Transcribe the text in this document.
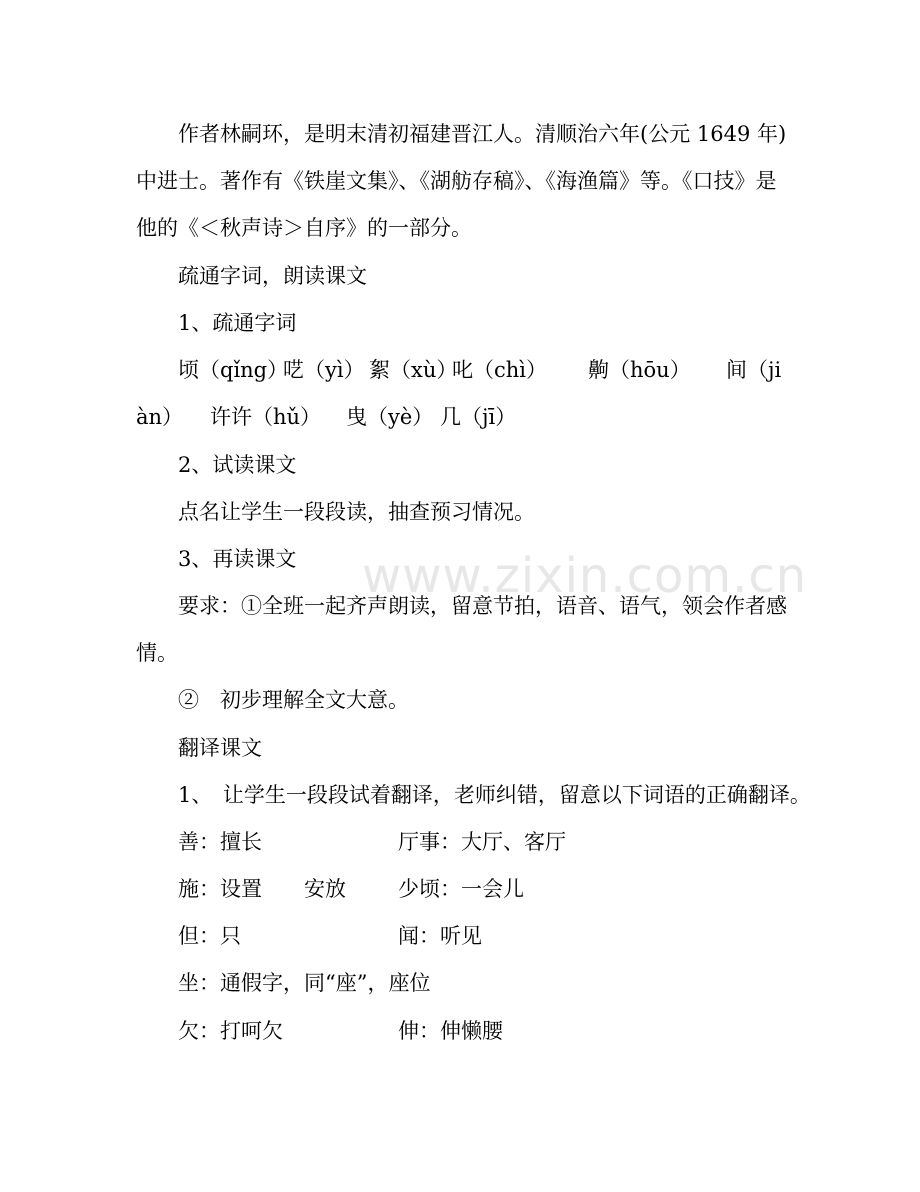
作者林嗣环，是明末清初福建晋江人。清顺治六年(公元 1649 年)
中进士。著作有《铁崖文集》、《湖舫存稿》、《海渔篇》等。《口技》是
他的《＜秋声诗＞自序》的一部分。
疏通字词，朗读课文
1、疏通字词
顷（qǐng）
呓（yì） 絮（xù）
叱（chì） 齁（hōu） 间（ji
àn） 许许（hǔ） 曳（yè） 几（jī）
2、试读课文
点名让学生一段段读，抽查预习情况。
3、再读课文
要求：①全班一起齐声朗读，留意节拍，语音、语气，领会作者感
情。
②　初步理解全文大意。
翻译课文
1、　让学生一段段试着翻译，老师纠错，留意以下词语的正确翻译。
善：擅长	厅事：大厅、客厅
施：设置　　安放 少顷：一会儿
但：只	闻：听见
坐：通假字，同“座”，座位
欠：打呵欠	伸：伸懒腰
www.zixin.com.cn
